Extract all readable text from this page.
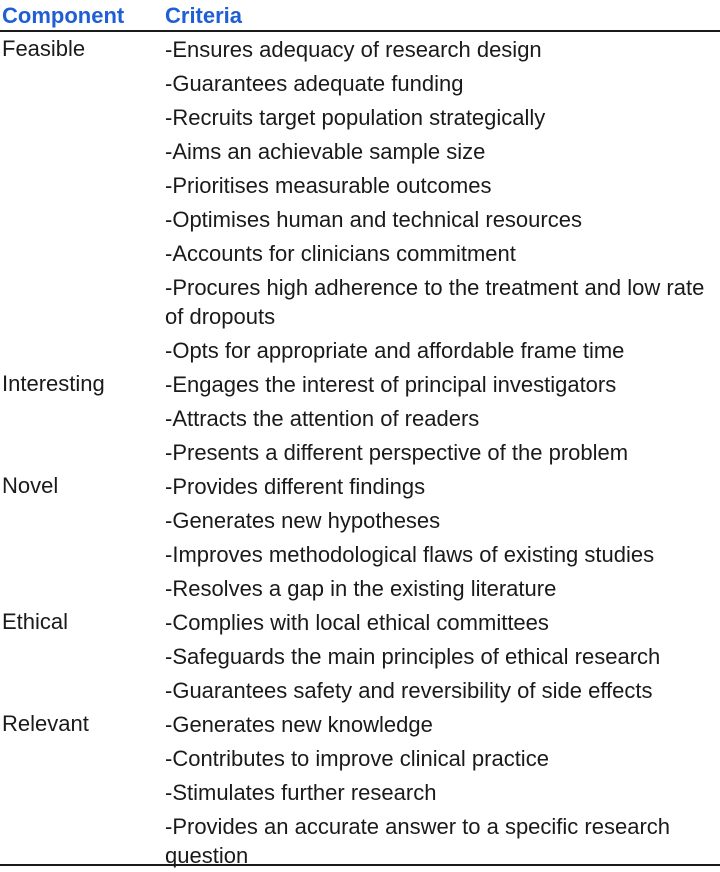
Component Criteria
Feasible	-Ensures adequacy of research design
-Guarantees adequate funding
-Recruits target population strategically
-Aims an achievable sample size
-Prioritises measurable outcomes
-Optimises human and technical resources
-Accounts for clinicians commitment
-Procures high adherence to the treatment and low rate of dropouts
-Opts for appropriate and affordable frame time
Interesting	-Engages the interest of principal investigators
-Attracts the attention of readers
-Presents a different perspective of the problem
Novel	-Provides different findings
-Generates new hypotheses
-Improves methodological flaws of existing studies
-Resolves a gap in the existing literature
Ethical	-Complies with local ethical committees
-Safeguards the main principles of ethical research
-Guarantees safety and reversibility of side effects
Relevant	-Generates new knowledge
-Contributes to improve clinical practice
-Stimulates further research
-Provides an accurate answer to a specific research question
